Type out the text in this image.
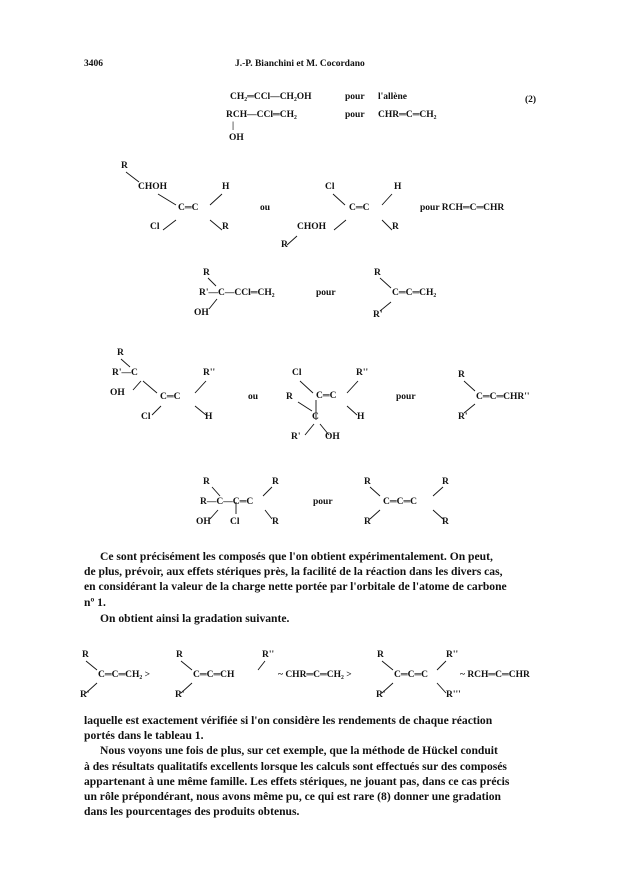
3406	J.-P. Bianchini et M. Cocordano
(2)
CH₂═CCl—CH₂OH	pour l'allène
RCH—CCl═CH₂	pour CHR═C═CH₂
|
OH
R
CHOH	H
C═C
Cl	R
ou
Cl	H
C═C
CHOH	R
R
pour RCH═C═CHR
R
R'—C—CCl═CH₂
OH
pour
R
C═C═CH₂
R'
R
R'—C	R''
OH	C═C
Cl	H
ou
Cl	R''
R C═C
H
C
R'	OH
pour
R
C═C═CHR''
R'
R	R
R—C—C═C
OH Cl	R
pour
R	R
C═C═C
R	R
Ce sont précisément les composés que l'on obtient expérimentalement. On peut,
de plus, prévoir, aux effets stériques près, la facilité de la réaction dans les divers cas,
en considérant la valeur de la charge nette portée par l'orbitale de l'atome de carbone
nº 1.
On obtient ainsi la gradation suivante.
R
C═C═CH₂ >
R'
R
C═C═CH
R''
R'
~ CHR═C═CH₂ >
R	R''
C═C═C
R'	R'''
~ RCH═C═CHR
laquelle est exactement vérifiée si l'on considère les rendements de chaque réaction
portés dans le tableau 1.
Nous voyons une fois de plus, sur cet exemple, que la méthode de Hückel conduit
à des résultats qualitatifs excellents lorsque les calculs sont effectués sur des composés
appartenant à une même famille. Les effets stériques, ne jouant pas, dans ce cas précis
un rôle prépondérant, nous avons même pu, ce qui est rare (8) donner une gradation
dans les pourcentages des produits obtenus.
